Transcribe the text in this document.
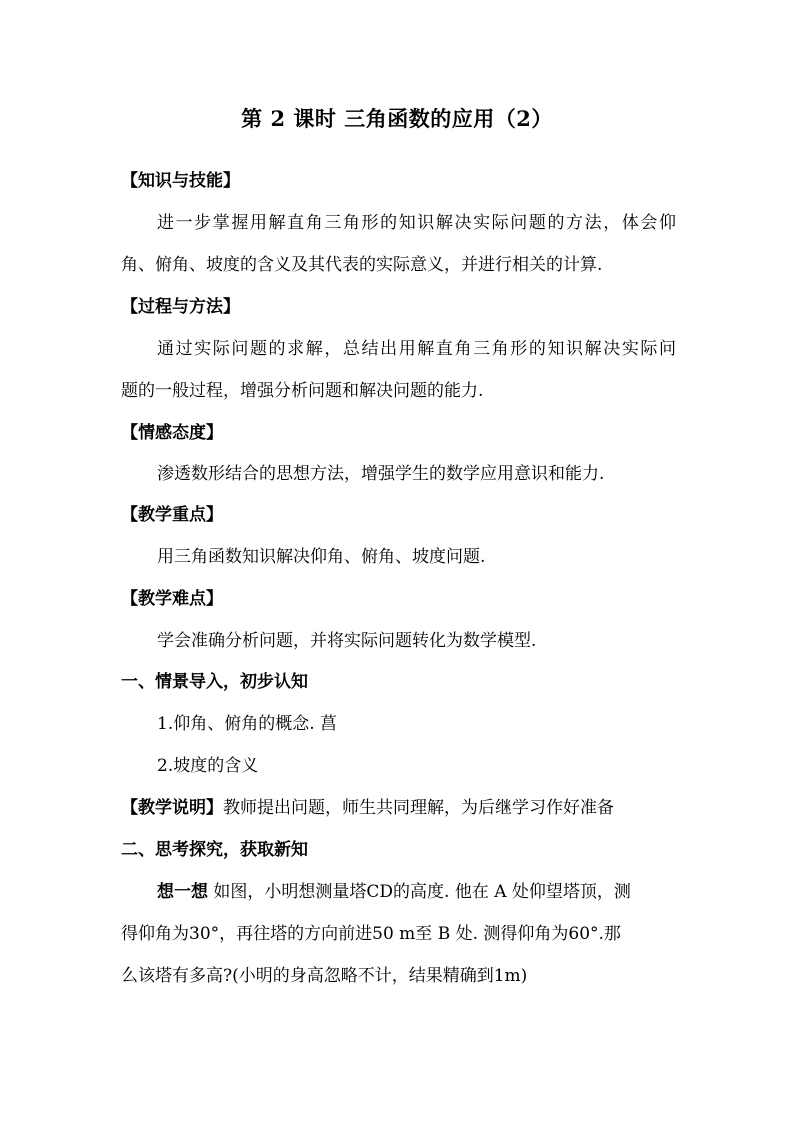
第 2 课时 三角函数的应用（2）
【知识与技能】
进一步掌握用解直角三角形的知识解决实际问题的方法，体会仰
角、俯角、坡度的含义及其代表的实际意义，并进行相关的计算.
【过程与方法】
通过实际问题的求解，总结出用解直角三角形的知识解决实际问
题的一般过程，增强分析问题和解决问题的能力.
【情感态度】
渗透数形结合的思想方法，增强学生的数学应用意识和能力.
【教学重点】
用三角函数知识解决仰角、俯角、坡度问题.
【教学难点】
学会准确分析问题，并将实际问题转化为数学模型.
一、情景导入，初步认知
1.仰角、俯角的概念. 菖
2.坡度的含义
【教学说明】教师提出问题，师生共同理解，为后继学习作好准备
二、思考探究，获取新知
想一想 如图，小明想测量塔CD的高度. 他在 A 处仰望塔顶，测
得仰角为30°，再往塔的方向前进50 m至 B 处. 测得仰角为60°.那
么该塔有多高?(小明的身高忽略不计，结果精确到1m)
